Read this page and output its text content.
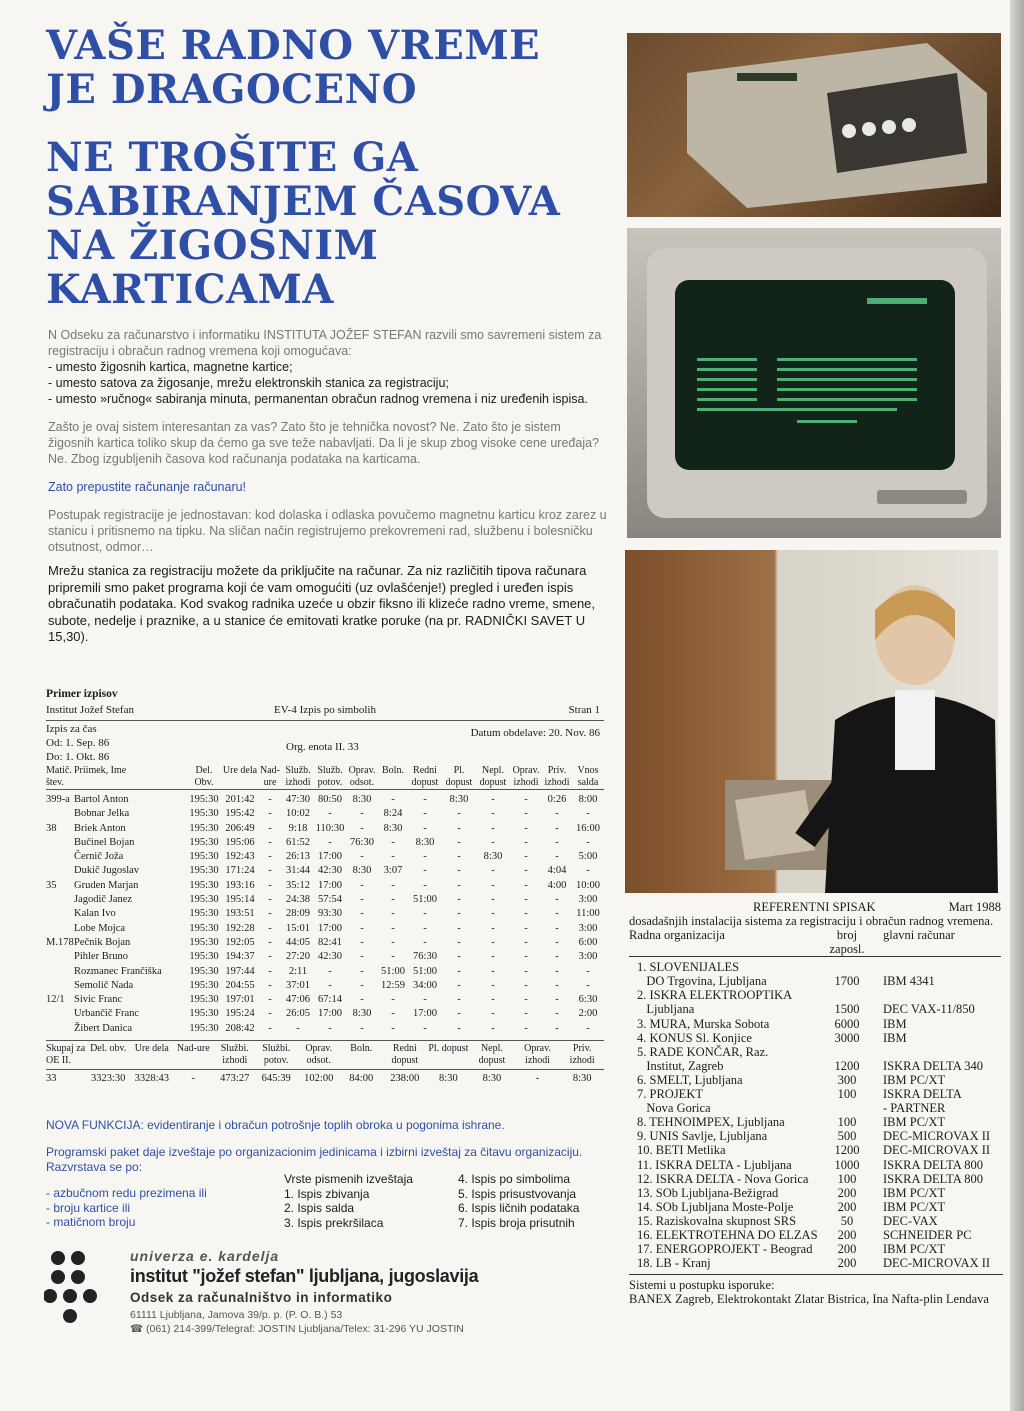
VAŠE RADNO VREME
JE DRAGOCENO
NE TROŠITE GA
SABIRANJEM ČASOVA
NA ŽIGOSNIM
KARTICAMA

N Odseku za računarstvo i informatiku INSTITUTA JOŽEF STEFAN razvili smo savremeni sistem za registraciju i obračun radnog vremena koji omogućava:

- umesto žigosnih kartica, magnetne kartice;
- umesto satova za žigosanje, mrežu elektronskih stanica za registraciju;
- umesto »ručnog« sabiranja minuta, permanentan obračun radnog vremena i niz uređenih ispisa.

Zašto je ovaj sistem interesantan za vas? Zato što je tehnička novost? Ne. Zato što je sistem žigosnih kartica toliko skup da ćemo ga sve teže nabavljati. Da li je skup zbog visoke cene uređaja? Ne. Zbog izgubljenih časova kod računanja podataka na karticama.

Zato prepustite računanje računaru!

Postupak registracije je jednostavan: kod dolaska i odlaska povučemo magnetnu karticu kroz zarez u stanicu i pritisnemo na tipku. Na sličan način registrujemo prekovremeni rad, službenu i bolesničku otsutnost, odmor…

Mrežu stanica za registraciju možete da priključite na računar. Za niz različitih tipova računara pripremili smo paket programa koji će vam omogućiti (uz ovlašćenje!) pregled i uređen ispis obračunatih podataka. Kod svakog radnika uzeće u obzir fiksno ili klizeće radno vreme, smene, subote, nedelje i praznike, a u stanice će emitovati kratke poruke (na pr. RADNIČKI SAVET U 15,30).

Primer izpisov
Institut Jožef Stefan	EV-4 Izpis po simbolih	Stran 1
Izpis za čas	Datum obdelave: 20. Nov. 86
Od: 1. Sep. 86	Org. enota II. 33
Do: 1. Okt. 86
Matič. štev.	Priimek, Ime	Del. Obv.	Ure dela	Nad-ure	Služb. izhodi	Služb. potov.	Oprav. odsot.	Boln.	Redni dopust	Pl. dopust	Nepl. dopust	Oprav. izhodi	Priv. izhodi	Vnos salda

399-a	Bartol Anton	195:30	201:42	-	47:30	80:50	8:30	-	-	8:30	-	-	0:26	8:00
	Bobnar Jelka	195:30	195:42	-	10:02	-	-	8:24	-	-	-	-	-	-
38	Briek Anton	195:30	206:49	-	9:18	110:30	-	8:30	-	-	-	-	-	16:00
	Bučinel Bojan	195:30	195:06	-	61:52	-	76:30	-	8:30	-	-	-	-	-
	Černič Joža	195:30	192:43	-	26:13	17:00	-	-	-	-	8:30	-	-	5:00
	Dukič Jugoslav	195:30	171:24	-	31:44	42:30	8:30	3:07	-	-	-	-	4:04	-
35	Gruden Marjan	195:30	193:16	-	35:12	17:00	-	-	-	-	-	-	4:00	10:00
	Jagodič Janez	195:30	195:14	-	24:38	57:54	-	-	51:00	-	-	-	-	3:00
	Kalan Ivo	195:30	193:51	-	28:09	93:30	-	-	-	-	-	-	-	11:00
	Lobe Mojca	195:30	192:28	-	15:01	17:00	-	-	-	-	-	-	-	3:00
M.178	Pečnik Bojan	195:30	192:05	-	44:05	82:41	-	-	-	-	-	-	-	6:00
	Pihler Bruno	195:30	194:37	-	27:20	42:30	-	-	76:30	-	-	-	-	3:00
	Rozmanec Frančiška	195:30	197:44	-	2:11	-	-	51:00	51:00	-	-	-	-	-
	Semolič Nada	195:30	204:55	-	37:01	-	-	12:59	34:00	-	-	-	-	-
12/1	Sivic Franc	195:30	197:01	-	47:06	67:14	-	-	-	-	-	-	-	6:30
	Urbančič Franc	195:30	195:24	-	26:05	17:00	8:30	-	17:00	-	-	-	-	2:00
	Žibert Danica	195:30	208:42	-	-	-	-	-	-	-	-	-	-	-
Skupaj za OE II.	Del. obv.	Ure dela	Nad-ure	Službi. izhodi	Službi. potov.	Oprav. odsot.	Boln.	Redni dopust	Pl. dopust	Nepl. dopust	Oprav. izhodi	Priv. izhodi
33	3323:30	3328:43	-	473:27	645:39	102:00	84:00	238:00	8:30	8:30	-	8:30
NOVA FUNKCIJA: evidentiranje i obračun potrošnje toplih obroka u pogonima ishrane.
Programski paket daje izveštaje po organizacionim jedinicama i izbirni izveštaj za čitavu organizaciju. Razvrstava se po:
- azbučnom redu prezimena ili
- broju kartice ili
- matičnom broju
Vrste pismenih izveštaja
1. Ispis zbivanja
2. Ispis salda
3. Ispis prekršilaca
4. Ispis po simbolima
5. Ispis prisustvovanja
6. Ispis ličnih podataka
7. Ispis broja prisutnih
univerza e. kardelja
institut "jožef stefan" ljubljana, jugoslavija
Odsek za računalništvo in informatiko
61111 Ljubljana, Jamova 39/p. p. (P. O. B.) 53
☎ (061) 214-399/Telegraf: JOSTIN Ljubljana/Telex: 31-296 YU JOSTIN
REFERENTNI SPISAK	Mart 1988
dosadašnjih instalacija sistema za registraciju i obračun radnog vremena.
Radna organizacija	broj zaposl.	glavni računar
1. SLOVENIJALES		
DO Trgovina, Ljubljana	1700	IBM 4341
2. ISKRA ELEKTROOPTIKA		
Ljubljana	1500	DEC VAX-11/850
3. MURA, Murska Sobota	6000	IBM
4. KONUS Sl. Konjice	3000	IBM
5. RADE KONČAR, Raz.		
Institut, Zagreb	1200	ISKRA DELTA 340
6. SMELT, Ljubljana	300	IBM PC/XT
7. PROJEKT	100	ISKRA DELTA
Nova Gorica		- PARTNER
8. TEHNOIMPEX, Ljubljana	100	IBM PC/XT
9. UNIS Savlje, Ljubljana	500	DEC-MICROVAX II
10. BETI Metlika	1200	DEC-MICROVAX II
11. ISKRA DELTA - Ljubljana	1000	ISKRA DELTA 800
12. ISKRA DELTA - Nova Gorica	100	ISKRA DELTA 800
13. SOb Ljubljana-Bežigrad	200	IBM PC/XT
14. SOb Ljubljana Moste-Polje	200	IBM PC/XT
15. Raziskovalna skupnost SRS	50	DEC-VAX
16. ELEKTROTEHNA DO ELZAS	200	SCHNEIDER PC
17. ENERGOPROJEKT - Beograd	200	IBM PC/XT
18. LB - Kranj	200	DEC-MICROVAX II
Sistemi u postupku isporuke:
BANEX Zagreb, Elektrokontakt Zlatar Bistrica, Ina Nafta-plin Lendava
